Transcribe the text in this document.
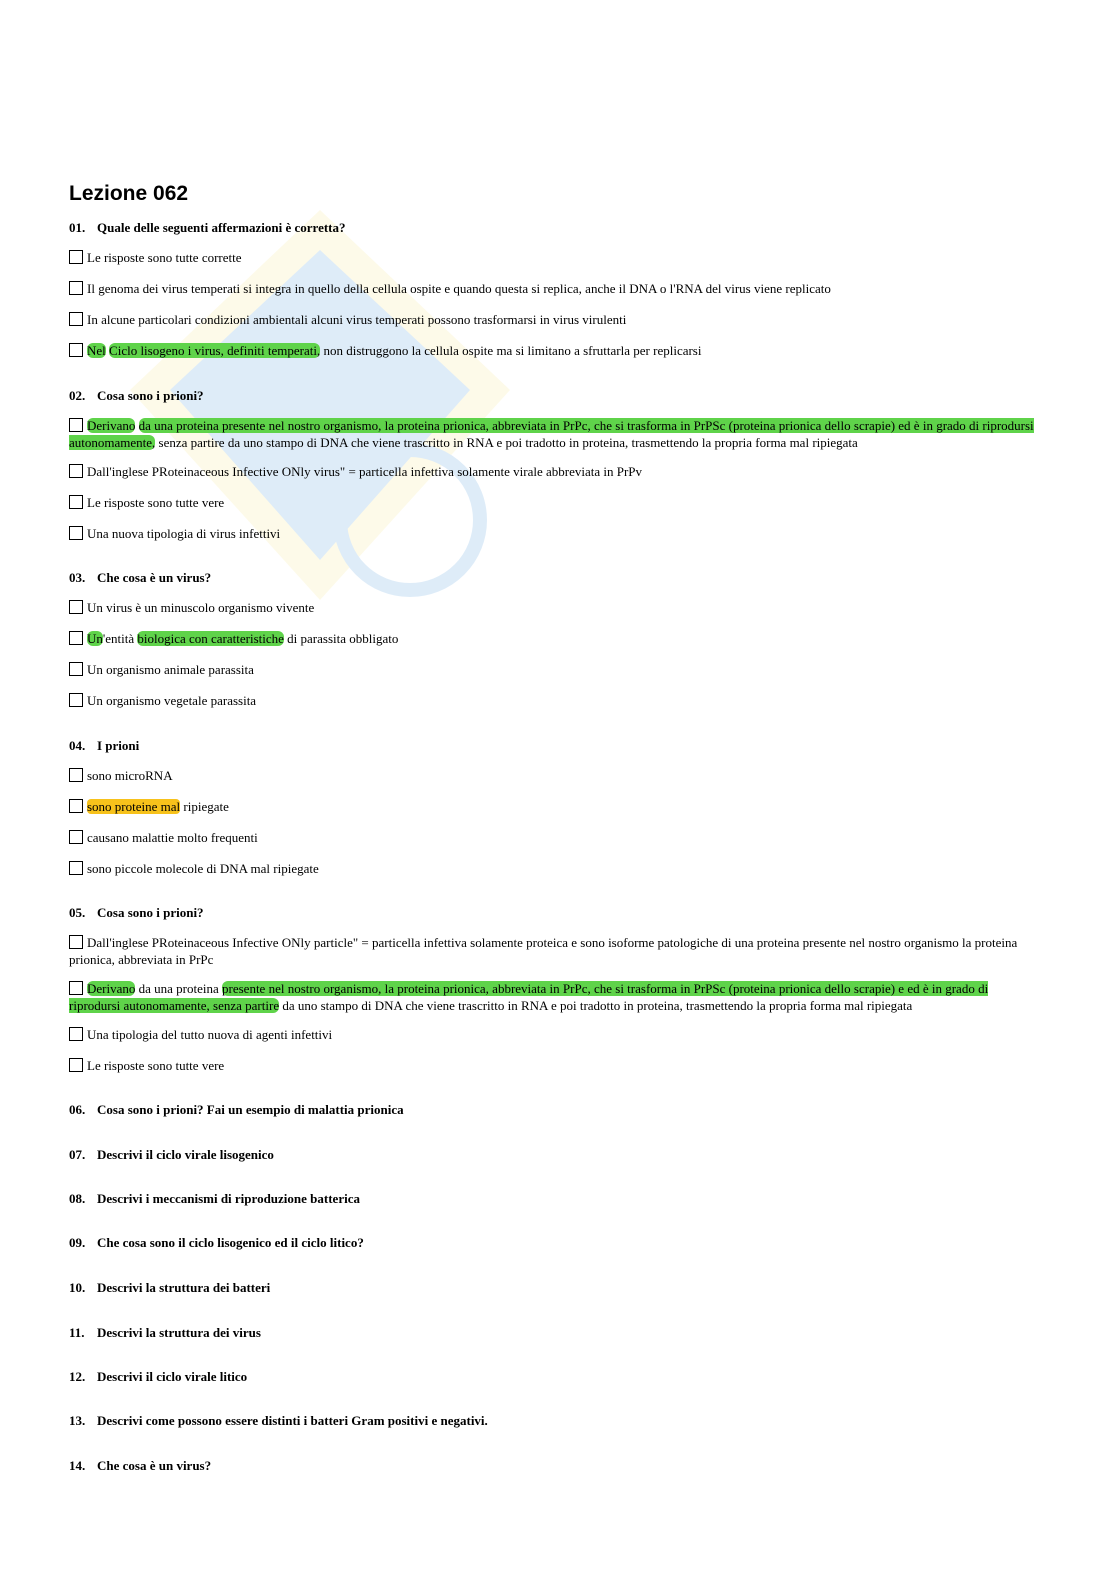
Lezione 062
01. Quale delle seguenti affermazioni è corretta?
Le risposte sono tutte corrette
Il genoma dei virus temperati si integra in quello della cellula ospite e quando questa si replica, anche il DNA o l'RNA del virus viene replicato
In alcune particolari condizioni ambientali alcuni virus temperati possono trasformarsi in virus virulenti
Nel Ciclo lisogeno i virus, definiti temperati, non distruggono la cellula ospite ma si limitano a sfruttarla per replicarsi
02. Cosa sono i prioni?
Derivano da una proteina presente nel nostro organismo, la proteina prionica, abbreviata in PrPc, che si trasforma in PrPSc (proteina prionica dello scrapie) ed è in grado di riprodursi autonomamente, senza partire da uno stampo di DNA che viene trascritto in RNA e poi tradotto in proteina, trasmettendo la propria forma mal ripiegata
Dall'inglese PRoteinaceous Infective ONly virus" = particella infettiva solamente virale abbreviata in PrPv
Le risposte sono tutte vere
Una nuova tipologia di virus infettivi
03. Che cosa è un virus?
Un virus è un minuscolo organismo vivente
Un'entità biologica con caratteristiche di parassita obbligato
Un organismo animale parassita
Un organismo vegetale parassita
04. I prioni
sono microRNA
sono proteine mal ripiegate
causano malattie molto frequenti
sono piccole molecole di DNA mal ripiegate
05. Cosa sono i prioni?
Dall'inglese PRoteinaceous Infective ONly particle" = particella infettiva solamente proteica e sono isoforme patologiche di una proteina presente nel nostro organismo la proteina prionica, abbreviata in PrPc
Derivano da una proteina presente nel nostro organismo, la proteina prionica, abbreviata in PrPc, che si trasforma in PrPSc (proteina prionica dello scrapie) e ed è in grado di riprodursi autonomamente, senza partire da uno stampo di DNA che viene trascritto in RNA e poi tradotto in proteina, trasmettendo la propria forma mal ripiegata
Una tipologia del tutto nuova di agenti infettivi
Le risposte sono tutte vere
06. Cosa sono i prioni? Fai un esempio di malattia prionica
07. Descrivi il ciclo virale lisogenico
08. Descrivi i meccanismi di riproduzione batterica
09. Che cosa sono il ciclo lisogenico ed il ciclo litico?
10. Descrivi la struttura dei batteri
11. Descrivi la struttura dei virus
12. Descrivi il ciclo virale litico
13. Descrivi come possono essere distinti i batteri Gram positivi e negativi.
14. Che cosa è un virus?
